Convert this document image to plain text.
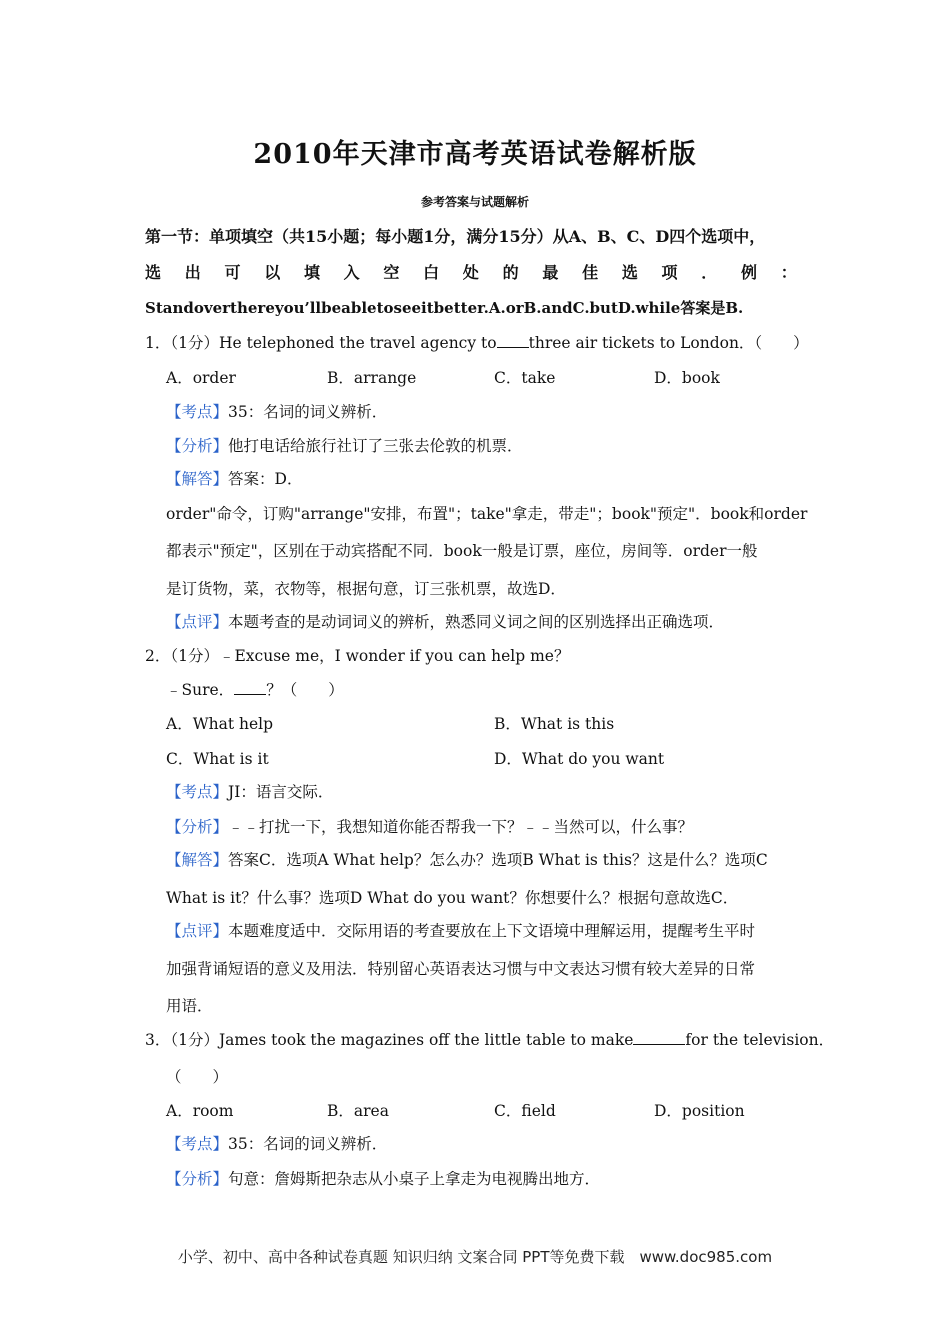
2010年天津市高考英语试卷解析版
参考答案与试题解析
第一节：单项填空（共15小题；每小题1分，满分15分）从A、B、C、D四个选项中，
选 出 可 以 填 入 空 白 处 的 最 佳 选 项 ． 例 ：
Standoverthereyou’llbeabletoseeitbetter.A.orB.andC.butD.while答案是B.
1．（1分）He telephoned the travel agency to three air tickets to London．（　　）
A．order	B．arrange	C．take	D．book
【考点】35：名词的词义辨析．
【分析】他打电话给旅行社订了三张去伦敦的机票．
【解答】答案：D．
order"命令，订购"arrange"安排，布置"；take"拿走，带走"；book"预定"．book和order
都表示"预定"，区别在于动宾搭配不同．book一般是订票，座位，房间等．order一般
是订货物，菜，衣物等，根据句意，订三张机票，故选D．
【点评】本题考查的是动词词义的辨析，熟悉同义词之间的区别选择出正确选项．
2．（1分）﹣Excuse me，I wonder if you can help me？
﹣Sure． ？（　　）
A．What help	B．What is this
C．What is it	D．What do you want
【考点】JI：语言交际．
【分析】﹣﹣打扰一下，我想知道你能否帮我一下？﹣﹣当然可以，什么事？
【解答】答案C．选项A What help？怎么办？选项B What is this？这是什么？选项C
What is it？什么事？选项D What do you want？你想要什么？根据句意故选C．
【点评】本题难度适中．交际用语的考查要放在上下文语境中理解运用，提醒考生平时
加强背诵短语的意义及用法．特别留心英语表达习惯与中文表达习惯有较大差异的日常
用语．
3．（1分）James took the magazines off the little table to make	for the television．
（　　）
A．room	B．area	C．field	D．position
【考点】35：名词的词义辨析．
【分析】句意：詹姆斯把杂志从小桌子上拿走为电视腾出地方．
小学、初中、高中各种试卷真题 知识归纳 文案合同 PPT等免费下载　www.doc985.com
